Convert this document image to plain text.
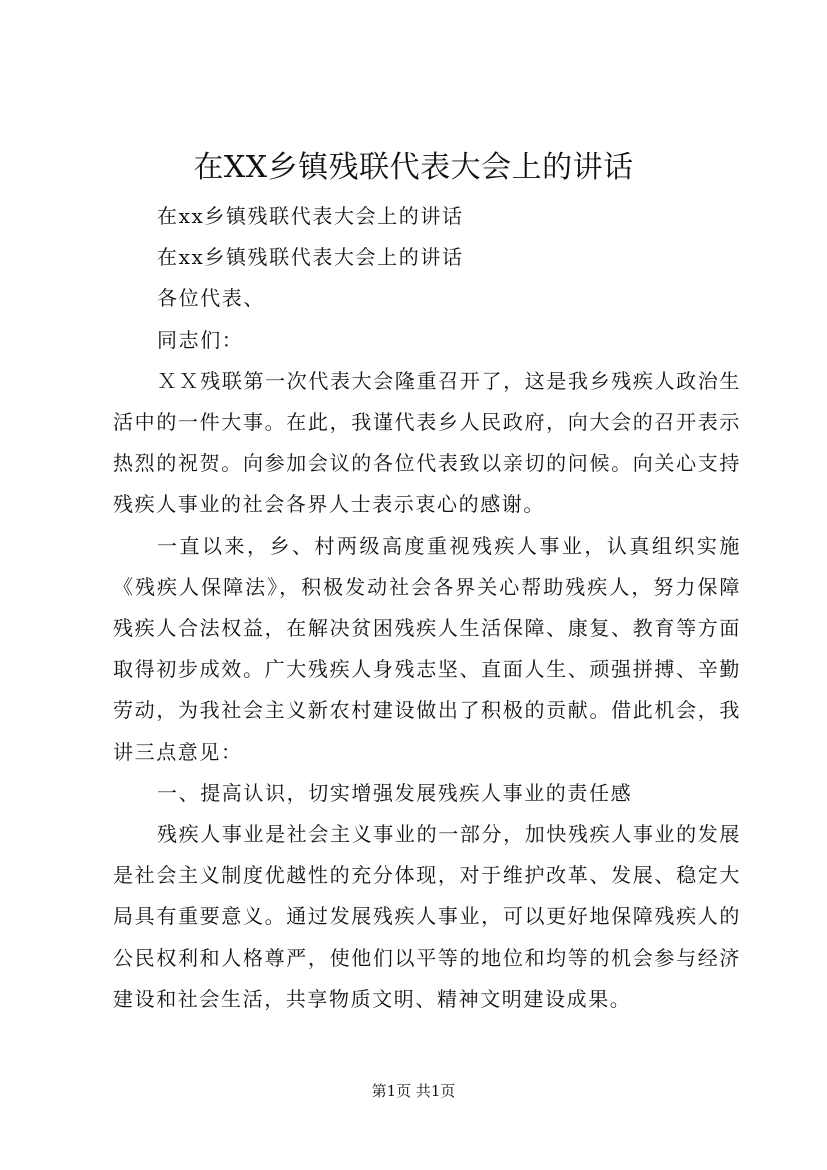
在XX乡镇残联代表大会上的讲话

在xx乡镇残联代表大会上的讲话

在xx乡镇残联代表大会上的讲话

各位代表、

同志们：

ＸＸ残联第一次代表大会隆重召开了，这是我乡残疾人政治生活中的一件大事。在此，我谨代表乡人民政府，向大会的召开表示热烈的祝贺。向参加会议的各位代表致以亲切的问候。向关心支持残疾人事业的社会各界人士表示衷心的感谢。

一直以来，乡、村两级高度重视残疾人事业，认真组织实施《残疾人保障法》，积极发动社会各界关心帮助残疾人，努力保障残疾人合法权益，在解决贫困残疾人生活保障、康复、教育等方面取得初步成效。广大残疾人身残志坚、直面人生、顽强拼搏、辛勤劳动，为我社会主义新农村建设做出了积极的贡献。借此机会，我讲三点意见：

一、提高认识，切实增强发展残疾人事业的责任感

残疾人事业是社会主义事业的一部分，加快残疾人事业的发展是社会主义制度优越性的充分体现，对于维护改革、发展、稳定大局具有重要意义。通过发展残疾人事业，可以更好地保障残疾人的公民权利和人格尊严，使他们以平等的地位和均等的机会参与经济建设和社会生活，共享物质文明、精神文明建设成果。

第1页 共1页
